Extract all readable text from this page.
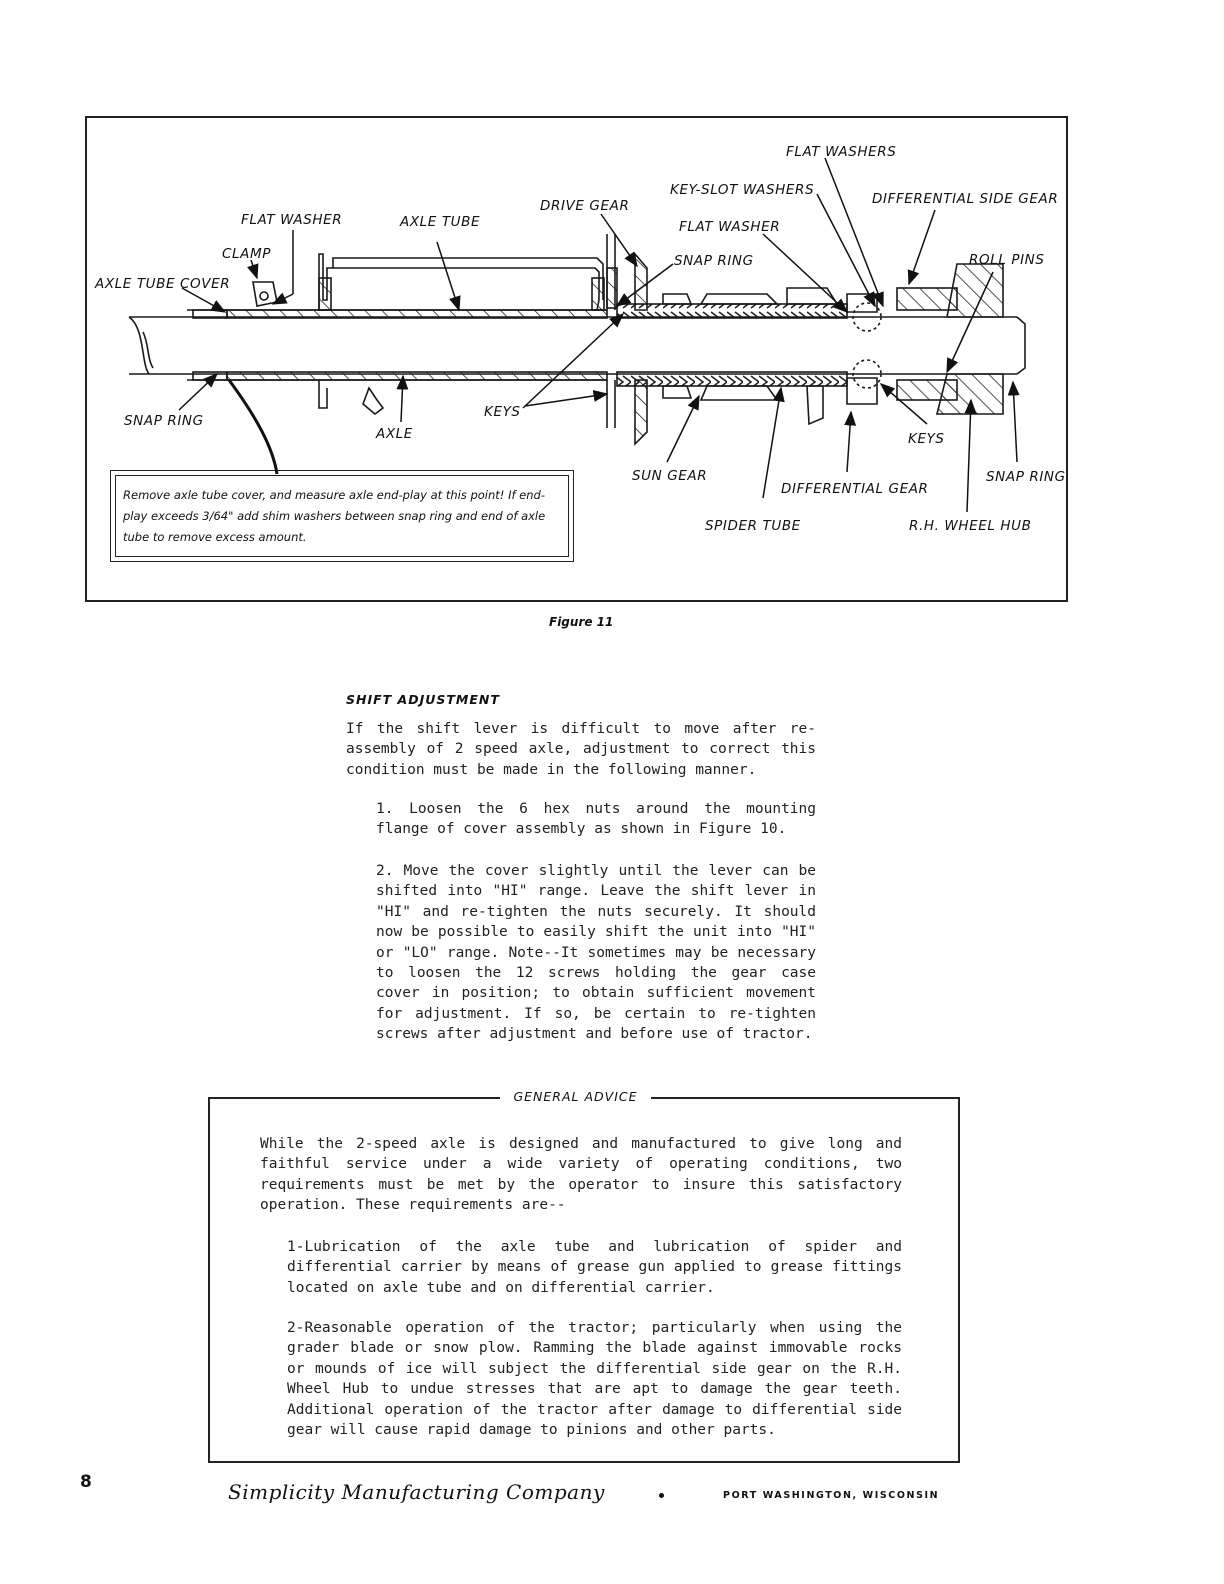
FLAT WASHERS
KEY-SLOT WASHERS
DIFFERENTIAL SIDE GEAR
DRIVE GEAR
FLAT WASHER	AXLE TUBE	FLAT WASHER
CLAMP	SNAP RING	ROLL PINS
AXLE TUBE COVER
SNAP RING
KEYS
AXLE	KEYS
SUN GEAR	SNAP RING
DIFFERENTIAL GEAR
SPIDER TUBE	R.H. WHEEL HUB
Remove axle tube cover, and measure axle end-play at this point! If end-play exceeds 3/64" add shim washers between snap ring and end of axle tube to remove excess amount.
Figure 11
SHIFT ADJUSTMENT

If the shift lever is difficult to move after re-assembly of 2 speed axle, adjustment to correct this condition must be made in the following manner.

1. Loosen the 6 hex nuts around the mounting flange of cover assembly as shown in Figure 10.

2. Move the cover slightly until the lever can be shifted into "HI" range. Leave the shift lever in "HI" and re-tighten the nuts securely. It should now be possible to easily shift the unit into "HI" or "LO" range. Note--It sometimes may be necessary to loosen the 12 screws holding the gear case cover in position; to obtain sufficient movement for adjustment. If so, be certain to re-tighten screws after adjustment and before use of tractor.

GENERAL ADVICE

While the 2-speed axle is designed and manufactured to give long and faithful service under a wide variety of operating conditions, two requirements must be met by the operator to insure this satisfactory operation. These requirements are--

1-Lubrication of the axle tube and lubrication of spider and differential carrier by means of grease gun applied to grease fittings located on axle tube and on differential carrier.

2-Reasonable operation of the tractor; particularly when using the grader blade or snow plow. Ramming the blade against immovable rocks or mounds of ice will subject the differential side gear on the R.H. Wheel Hub to undue stresses that are apt to damage the gear teeth. Additional operation of the tractor after damage to differential side gear will cause rapid damage to pinions and other parts.

8	Simplicity Manufacturing Company	PORT WASHINGTON, WISCONSIN
